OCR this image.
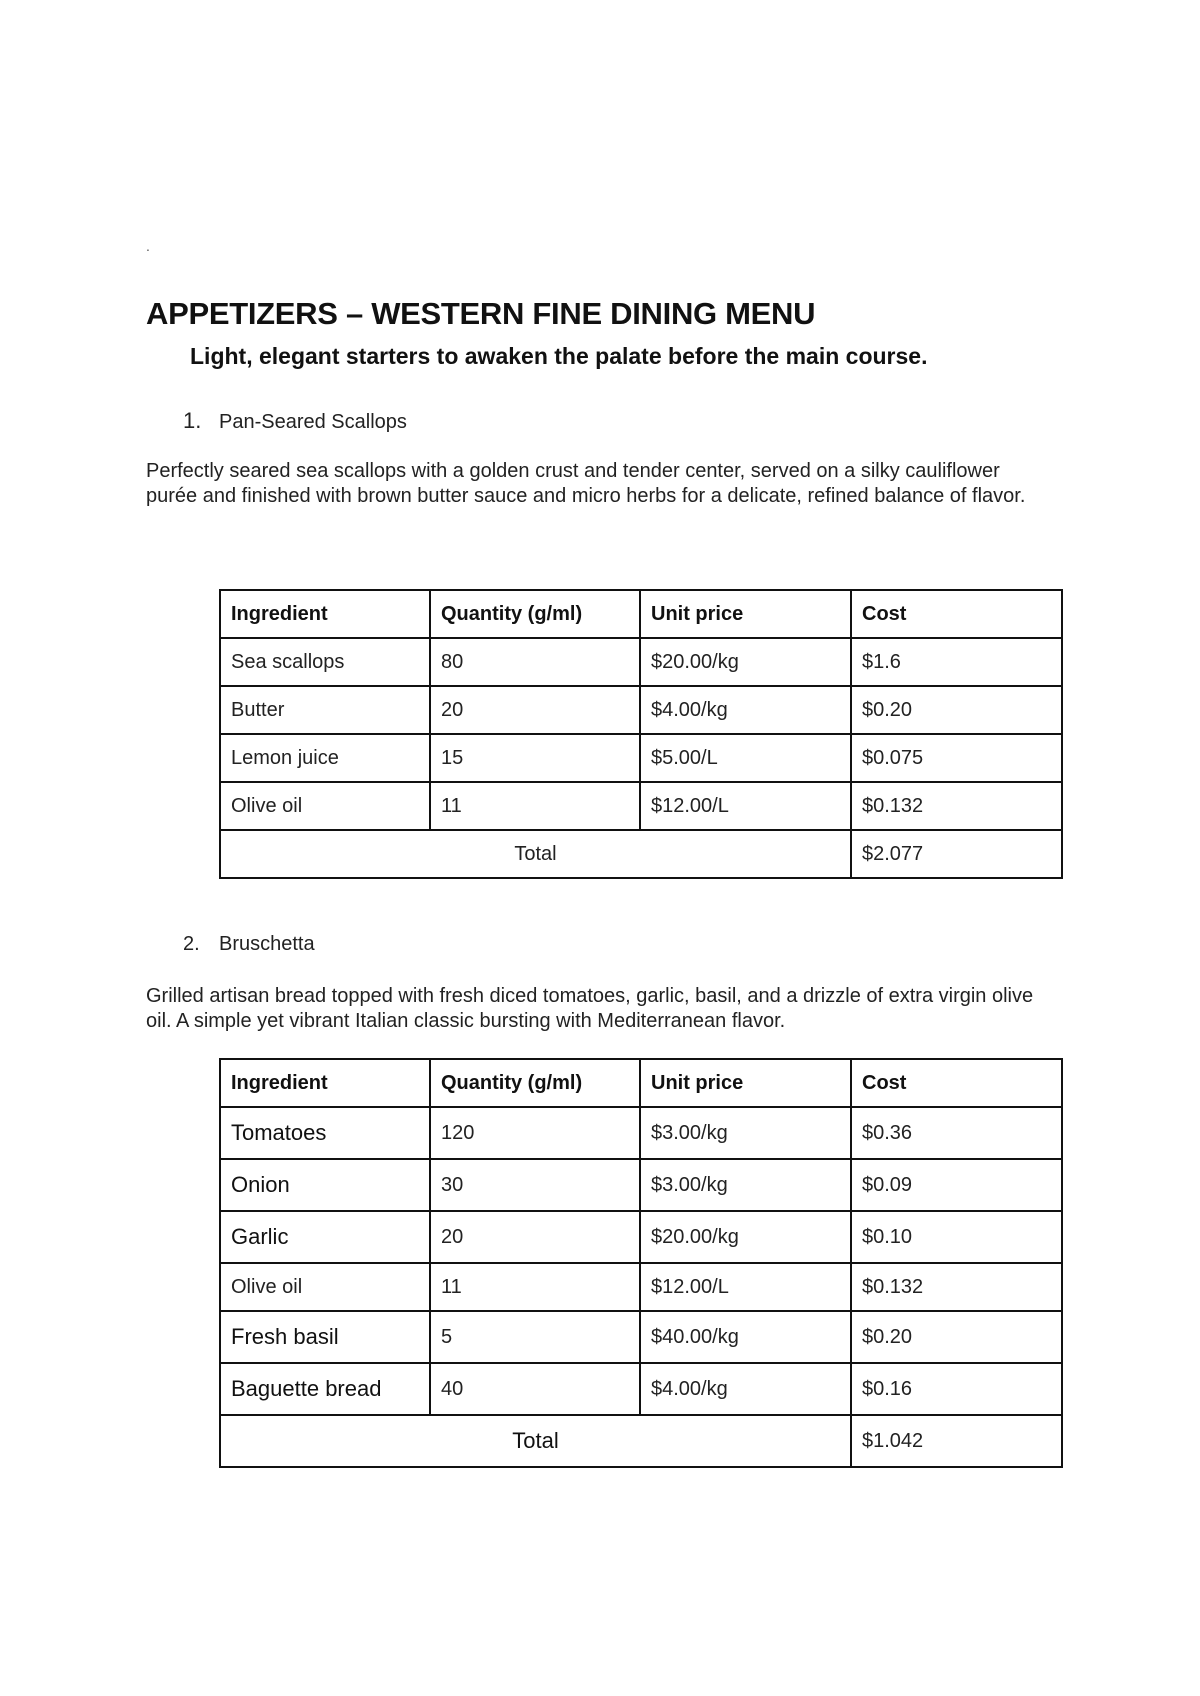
.
APPETIZERS – WESTERN FINE DINING MENU

Light, elegant starters to awaken the palate before the main course.

1. Pan-Seared Scallops

Perfectly seared sea scallops with a golden crust and tender center, served on a silky cauliflower purée and finished with brown butter sauce and micro herbs for a delicate, refined balance of flavor.

Ingredient	Quantity (g/ml)	Unit price	Cost
Sea scallops	80	$20.00/kg	$1.6
Butter	20	$4.00/kg	$0.20
Lemon juice	15	$5.00/L	$0.075
Olive oil	11	$12.00/L	$0.132
Total			$2.077
2. Bruschetta

Grilled artisan bread topped with fresh diced tomatoes, garlic, basil, and a drizzle of extra virgin olive oil. A simple yet vibrant Italian classic bursting with Mediterranean flavor.

Ingredient	Quantity (g/ml)	Unit price	Cost
Tomatoes	120	$3.00/kg	$0.36
Onion	30	$3.00/kg	$0.09
Garlic	20	$20.00/kg	$0.10
Olive oil	11	$12.00/L	$0.132
Fresh basil	5	$40.00/kg	$0.20
Baguette bread	40	$4.00/kg	$0.16
Total			$1.042
